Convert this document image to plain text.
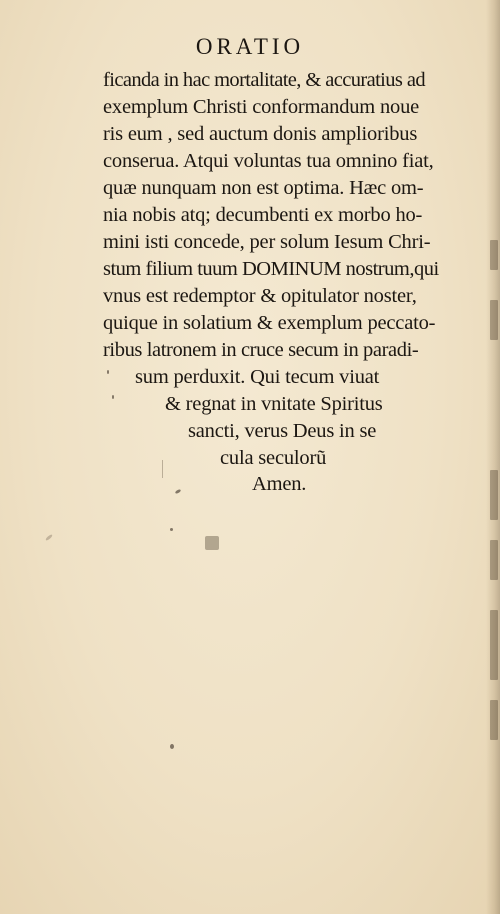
ORATIO
ficanda in hac mortalitate, & accuratius ad
exemplum Christi conformandum noue
ris eum , sed auctum donis amplioribus
conserua. Atqui voluntas tua omnino fiat,
quæ nunquam non est optima. Hæc om-
nia nobis atq; decumbenti ex morbo ho-
mini isti concede, per solum Iesum Chri-
stum filium tuum DOMINUM nostrum,qui
vnus est redemptor & opitulator noster,
quique in solatium & exemplum peccato-
ribus latronem in cruce secum in paradi-
sum perduxit. Qui tecum viuat
& regnat in vnitate Spiritus
sancti, verus Deus in se
cula seculorũ
Amen.
